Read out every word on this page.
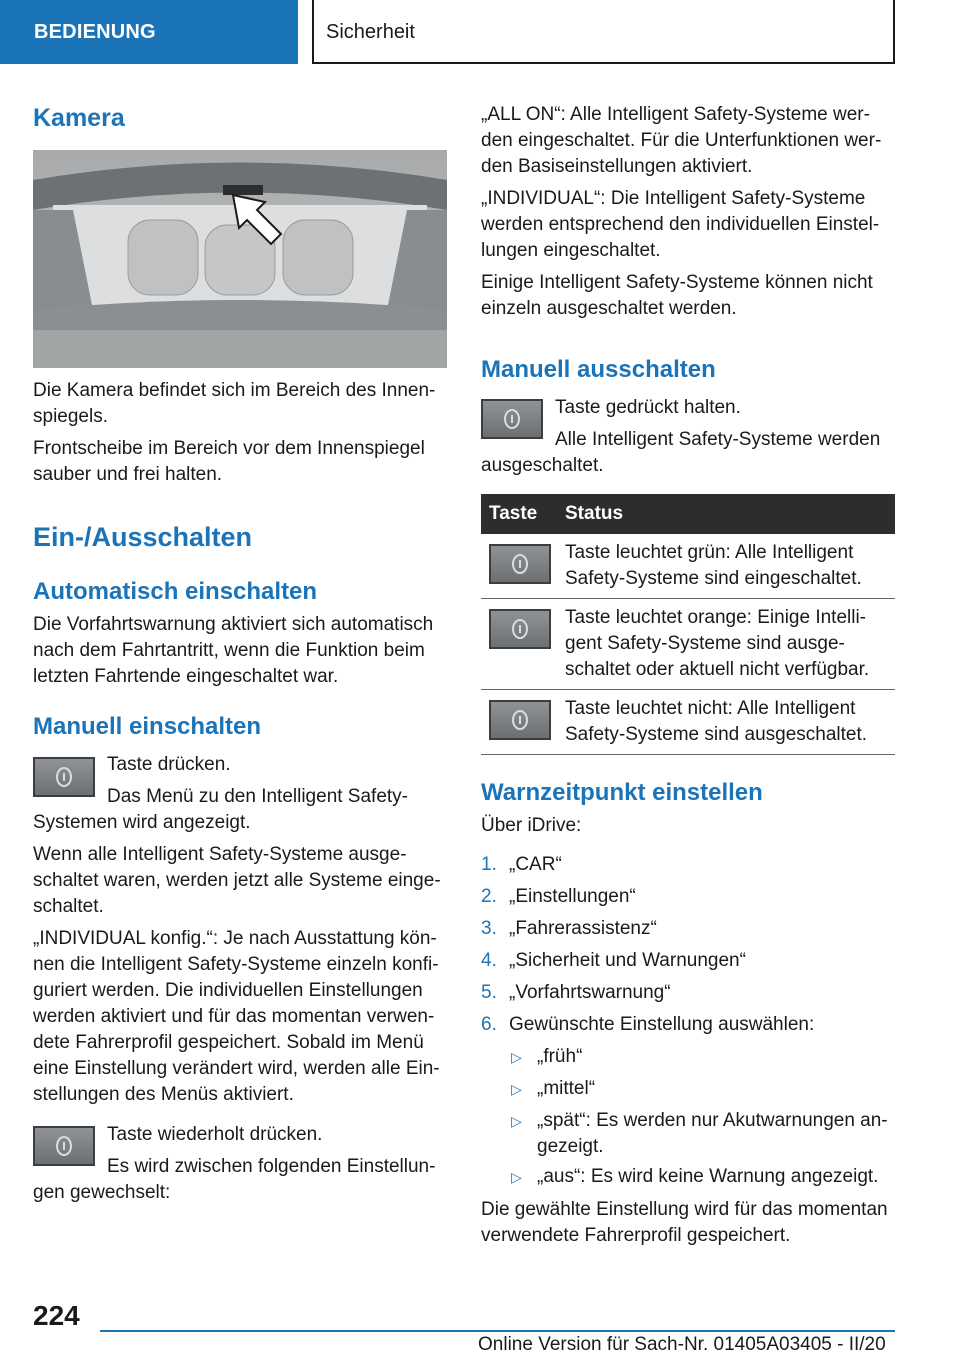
BEDIENUNG	Sicherheit
Kamera

Die Kamera befindet sich im Bereich des Innen-spiegels.

Frontscheibe im Bereich vor dem Innenspiegel sauber und frei halten.

Ein-/Ausschalten
Automatisch einschalten

Die Vorfahrtswarnung aktiviert sich automatisch nach dem Fahrtantritt, wenn die Funktion beim letzten Fahrtende eingeschaltet war.

Manuell einschalten

Taste drücken.

Das Menü zu den Intelligent Safety-Systemen wird angezeigt.

Wenn alle Intelligent Safety-Systeme ausge-schaltet waren, werden jetzt alle Systeme einge-schaltet.

„INDIVIDUAL konfig.“: Je nach Ausstattung kön-nen die Intelligent Safety-Systeme einzeln konfi-guriert werden. Die individuellen Einstellungen werden aktiviert und für das momentan verwen-dete Fahrerprofil gespeichert. Sobald im Menü eine Einstellung verändert wird, werden alle Ein-stellungen des Menüs aktiviert.

Taste wiederholt drücken.

Es wird zwischen folgenden Einstellun-gen gewechselt:

„ALL ON“: Alle Intelligent Safety-Systeme wer-den eingeschaltet. Für die Unterfunktionen wer-den Basiseinstellungen aktiviert.

„INDIVIDUAL“: Die Intelligent Safety-Systeme werden entsprechend den individuellen Einstel-lungen eingeschaltet.

Einige Intelligent Safety-Systeme können nicht einzeln ausgeschaltet werden.

Manuell ausschalten

Taste gedrückt halten.

Alle Intelligent Safety-Systeme werden ausgeschaltet.

Taste Status
Taste leuchtet grün: Alle Intelligent Safety-Systeme sind eingeschaltet.
Taste leuchtet orange: Einige Intelli-gent Safety-Systeme sind ausge-schaltet oder aktuell nicht verfügbar.
Taste leuchtet nicht: Alle Intelligent Safety-Systeme sind ausgeschaltet.
Warnzeitpunkt einstellen

Über iDrive:

1. „CAR“
2. „Einstellungen“
3. „Fahrerassistenz“
4. „Sicherheit und Warnungen“
5. „Vorfahrtswarnung“
6. Gewünschte Einstellung auswählen:
▷ „früh“
▷ „mittel“
▷ „spät“: Es werden nur Akutwarnungen an-gezeigt.
▷ „aus“: Es wird keine Warnung angezeigt.

Die gewählte Einstellung wird für das momentan verwendete Fahrerprofil gespeichert.

224
Online Version für Sach-Nr. 01405A03405 - II/20
